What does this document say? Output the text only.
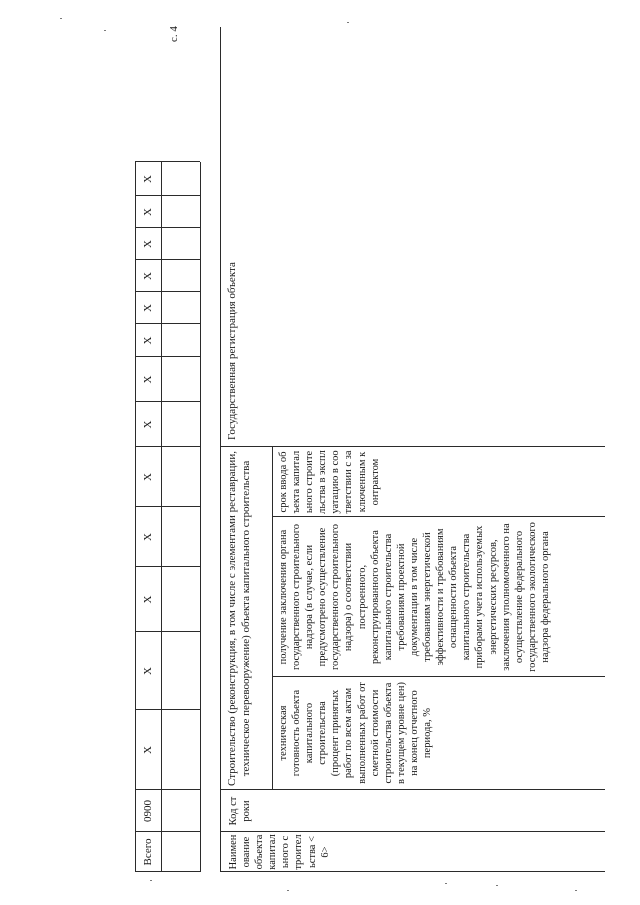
с. 4
Всего
0900
Х
Х
Х
Х
Х
Х
Х
Х
Х
Х
Х
Х
Х
Наименование объекта капитального строительства <6>
Код строки
Строительство (реконструкция, в том числе с элементами реставрации, техническое перевооружение) объекта капитального строительства техническая готовность объекта капитального строительства (процент принятых работ по всем актам выполненных работ от сметной стоимости строительства объекта в текущем уровне цен) на конец отчетного периода, %
получение заключения органа государственного строительного надзора (в случае, если предусмотрено осуществление государственного строительного надзора) о соответствии построенного, реконструированного объекта капитального строительства требованиям проектной документации в том числе требованиям энергетической эффективности и требованиям оснащенности объекта капитального строительства приборами учета используемых энергетических ресурсов, заключения уполномоченного на осуществление федерального государственного экологического надзора федерального органа
срок ввода объекта капитального строительства в эксплуатацию в соответствии с заключенным контрактом
Государственная регистрация объекта
